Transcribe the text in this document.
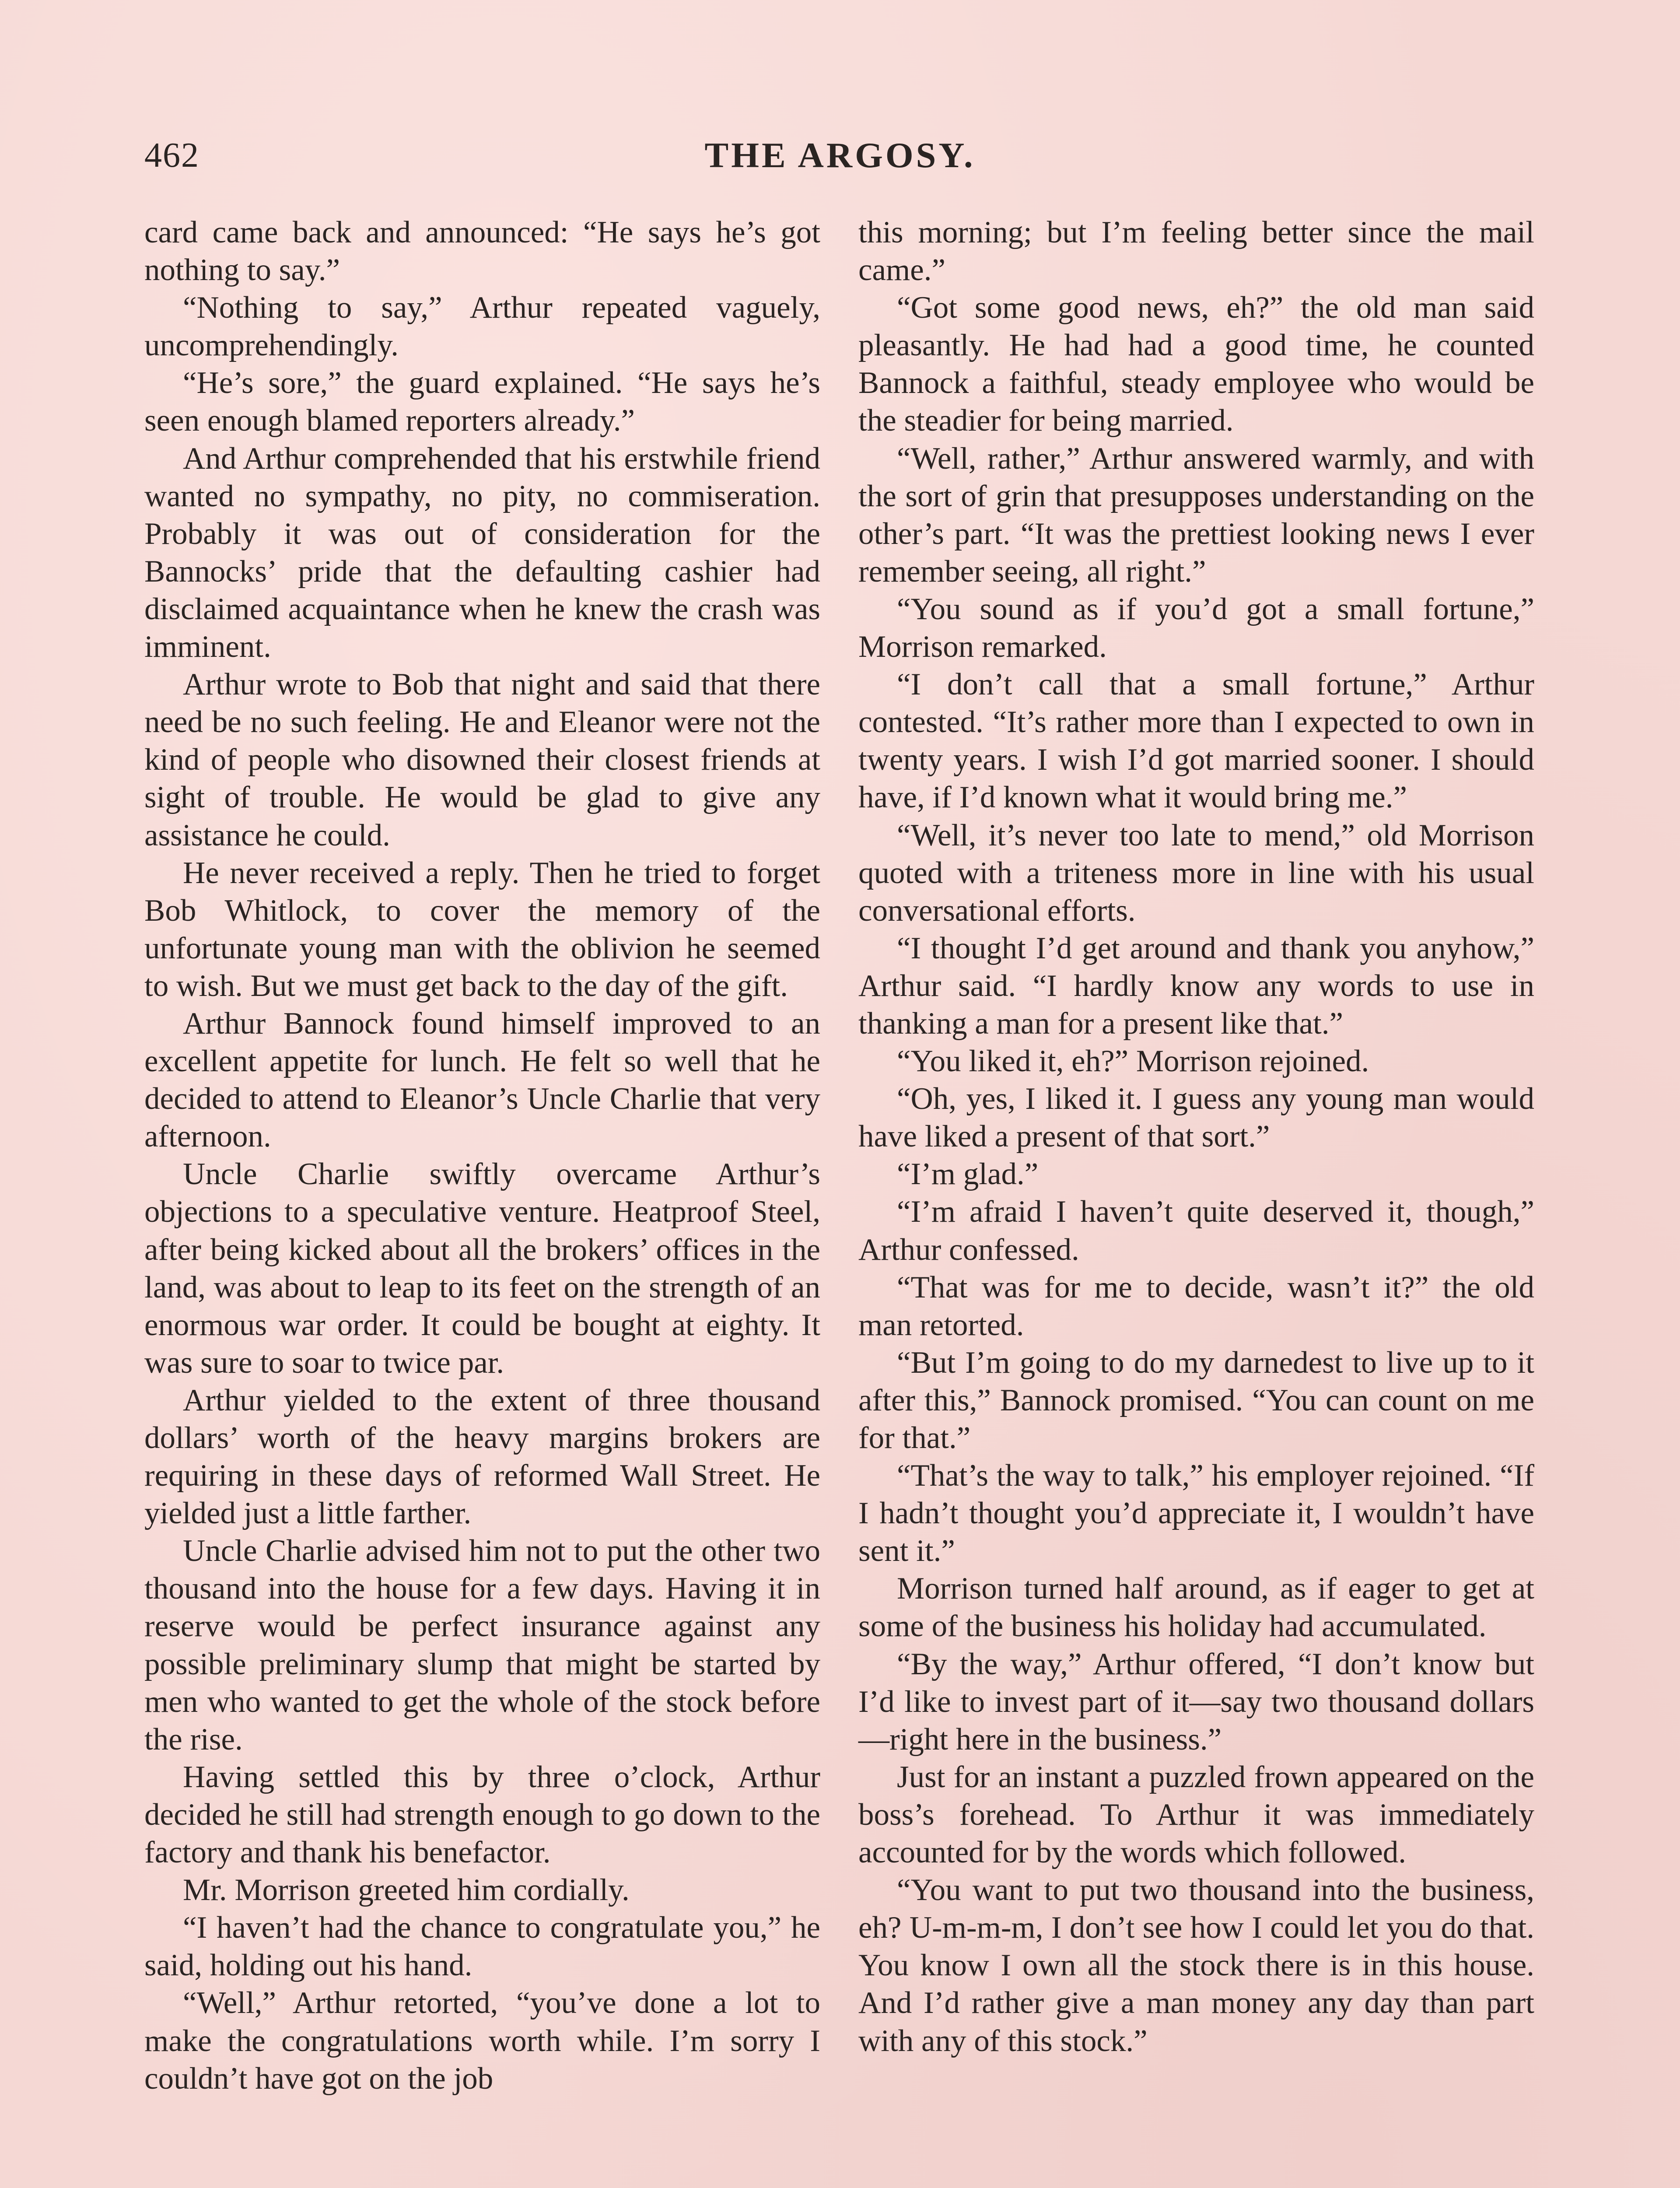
462	THE ARGOSY.

card came back and announced: “He says he’s got nothing to say.”

“Nothing to say,” Arthur repeated vaguely, uncomprehendingly.

“He’s sore,” the guard explained. “He says he’s seen enough blamed reporters already.”

And Arthur comprehended that his erstwhile friend wanted no sympathy, no pity, no commiseration. Probably it was out of consideration for the Bannocks’ pride that the defaulting cashier had disclaimed acquaintance when he knew the crash was imminent.

Arthur wrote to Bob that night and said that there need be no such feeling. He and Eleanor were not the kind of people who disowned their closest friends at sight of trouble. He would be glad to give any assistance he could.

He never received a reply. Then he tried to forget Bob Whitlock, to cover the memory of the unfortunate young man with the oblivion he seemed to wish. But we must get back to the day of the gift.

Arthur Bannock found himself improved to an excellent appetite for lunch. He felt so well that he decided to attend to Eleanor’s Uncle Charlie that very afternoon.

Uncle Charlie swiftly overcame Arthur’s objections to a speculative venture. Heatproof Steel, after being kicked about all the brokers’ offices in the land, was about to leap to its feet on the strength of an enormous war order. It could be bought at eighty. It was sure to soar to twice par.

Arthur yielded to the extent of three thousand dollars’ worth of the heavy margins brokers are requiring in these days of reformed Wall Street. He yielded just a little farther.

Uncle Charlie advised him not to put the other two thousand into the house for a few days. Having it in reserve would be perfect insurance against any possible preliminary slump that might be started by men who wanted to get the whole of the stock before the rise.

Having settled this by three o’clock, Arthur decided he still had strength enough to go down to the factory and thank his benefactor.

Mr. Morrison greeted him cordially.

“I haven’t had the chance to congratulate you,” he said, holding out his hand.

“Well,” Arthur retorted, “you’ve done a lot to make the congratulations worth while. I’m sorry I couldn’t have got on the job

this morning; but I’m feeling better since the mail came.”

“Got some good news, eh?” the old man said pleasantly. He had had a good time, he counted Bannock a faithful, steady employee who would be the steadier for being married.

“Well, rather,” Arthur answered warmly, and with the sort of grin that presupposes understanding on the other’s part. “It was the prettiest looking news I ever remember seeing, all right.”

“You sound as if you’d got a small fortune,” Morrison remarked.

“I don’t call that a small fortune,” Arthur contested. “It’s rather more than I expected to own in twenty years. I wish I’d got married sooner. I should have, if I’d known what it would bring me.”

“Well, it’s never too late to mend,” old Morrison quoted with a triteness more in line with his usual conversational efforts.

“I thought I’d get around and thank you anyhow,” Arthur said. “I hardly know any words to use in thanking a man for a present like that.”

“You liked it, eh?” Morrison rejoined.

“Oh, yes, I liked it. I guess any young man would have liked a present of that sort.”

“I’m glad.”

“I’m afraid I haven’t quite deserved it, though,” Arthur confessed.

“That was for me to decide, wasn’t it?” the old man retorted.

“But I’m going to do my darnedest to live up to it after this,” Bannock promised. “You can count on me for that.”

“That’s the way to talk,” his employer rejoined. “If I hadn’t thought you’d appreciate it, I wouldn’t have sent it.”

Morrison turned half around, as if eager to get at some of the business his holiday had accumulated.

“By the way,” Arthur offered, “I don’t know but I’d like to invest part of it—say two thousand dollars—right here in the business.”

Just for an instant a puzzled frown appeared on the boss’s forehead. To Arthur it was immediately accounted for by the words which followed.

“You want to put two thousand into the business, eh? U-m-m-m, I don’t see how I could let you do that. You know I own all the stock there is in this house. And I’d rather give a man money any day than part with any of this stock.”
